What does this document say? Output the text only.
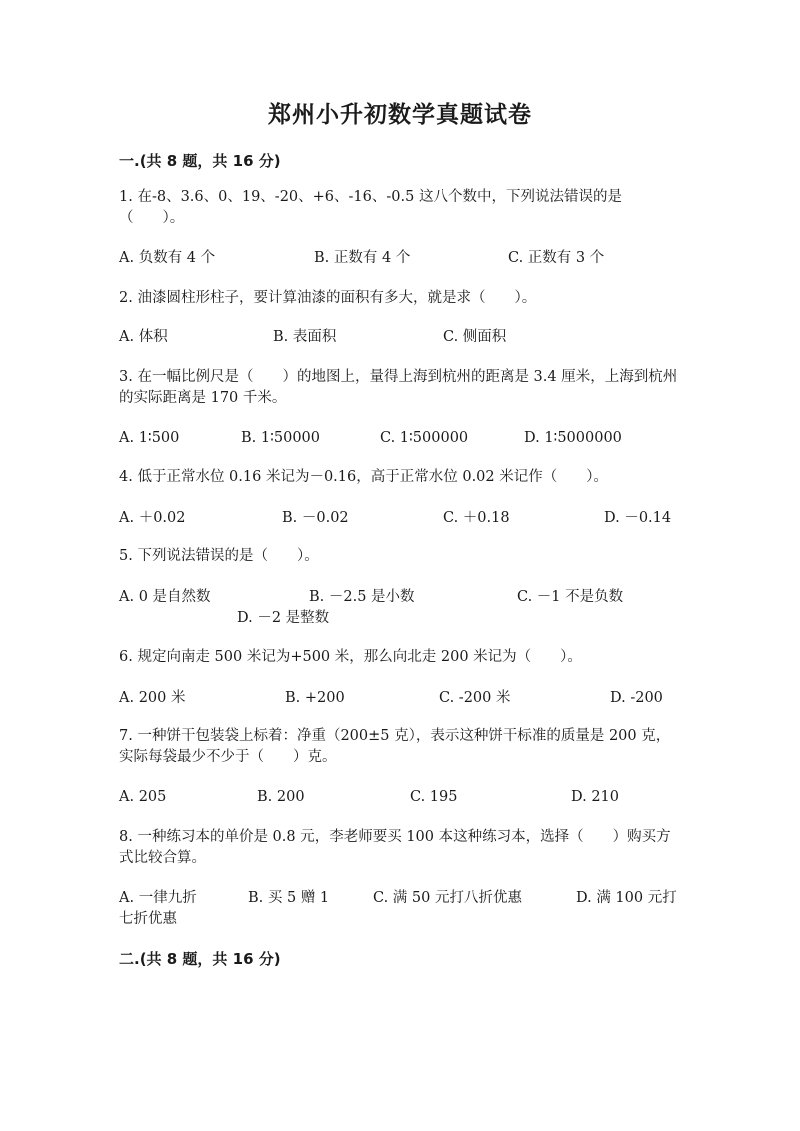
郑州小升初数学真题试卷
一.(共 8 题，共 16 分)
1. 在-8、3.6、0、19、-20、+6、-16、-0.5 这八个数中，下列说法错误的是（　　）。
A. 负数有 4 个	B. 正数有 4 个	C. 正数有 3 个
2. 油漆圆柱形柱子，要计算油漆的面积有多大，就是求（　　）。
A. 体积	B. 表面积	C. 侧面积
3. 在一幅比例尺是（　　）的地图上，量得上海到杭州的距离是 3.4 厘米，上海到杭州的实际距离是 170 千米。
A. 1∶500	B. 1∶50000	C. 1∶500000	D. 1∶5000000
4. 低于正常水位 0.16 米记为－0.16，高于正常水位 0.02 米记作（　　）。
A. ＋0.02	B. －0.02	C. ＋0.18	D. －0.14
5. 下列说法错误的是（　　）。
A. 0 是自然数	B. －2.5 是小数	C. －1 不是负数
D. －2 是整数
6. 规定向南走 500 米记为+500 米，那么向北走 200 米记为（　　）。
A. 200 米	B. +200	C. -200 米	D. -200
7. 一种饼干包装袋上标着：净重（200±5 克），表示这种饼干标准的质量是 200 克，实际每袋最少不少于（　　）克。
A. 205	B. 200	C. 195	D. 210
8. 一种练习本的单价是 0.8 元，李老师要买 100 本这种练习本，选择（　　）购买方式比较合算。
A. 一律九折	B. 买 5 赠 1	C. 满 50 元打八折优惠	D. 满 100 元打七折优惠
二.(共 8 题，共 16 分)
